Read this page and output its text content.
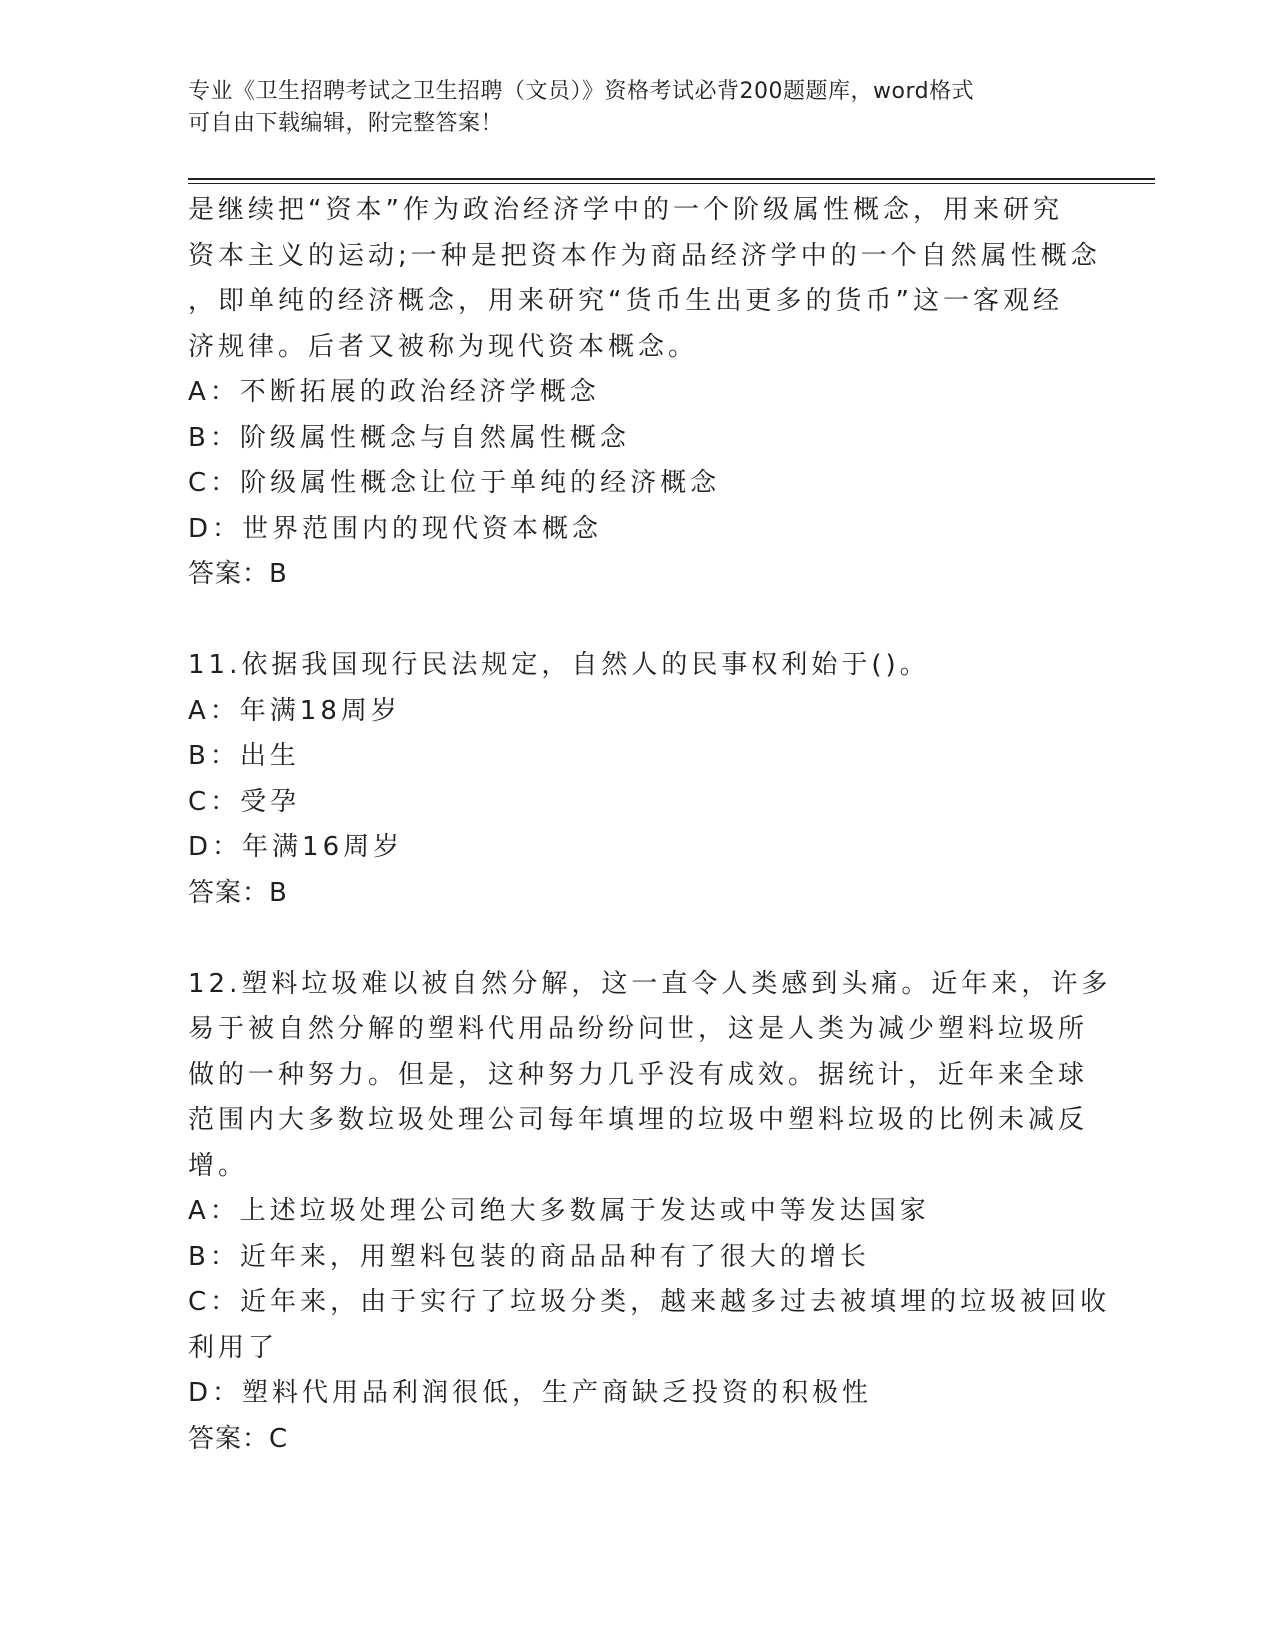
专业《卫生招聘考试之卫生招聘（文员）》资格考试必背200题题库，word格式
可自由下载编辑，附完整答案！
是继续把“资本”作为政治经济学中的一个阶级属性概念，用来研究
资本主义的运动;一种是把资本作为商品经济学中的一个自然属性概念
，即单纯的经济概念，用来研究“货币生出更多的货币”这一客观经
济规律。后者又被称为现代资本概念。
A：不断拓展的政治经济学概念
B：阶级属性概念与自然属性概念
C：阶级属性概念让位于单纯的经济概念
D：世界范围内的现代资本概念
答案：B
11.依据我国现行民法规定，自然人的民事权利始于()。
A：年满18周岁
B：出生
C：受孕
D：年满16周岁
答案：B
12.塑料垃圾难以被自然分解，这一直令人类感到头痛。近年来，许多
易于被自然分解的塑料代用品纷纷问世，这是人类为减少塑料垃圾所
做的一种努力。但是，这种努力几乎没有成效。据统计，近年来全球
范围内大多数垃圾处理公司每年填埋的垃圾中塑料垃圾的比例未减反
增。
A：上述垃圾处理公司绝大多数属于发达或中等发达国家
B：近年来，用塑料包装的商品品种有了很大的增长
C：近年来，由于实行了垃圾分类，越来越多过去被填埋的垃圾被回收
利用了
D：塑料代用品利润很低，生产商缺乏投资的积极性
答案：C
